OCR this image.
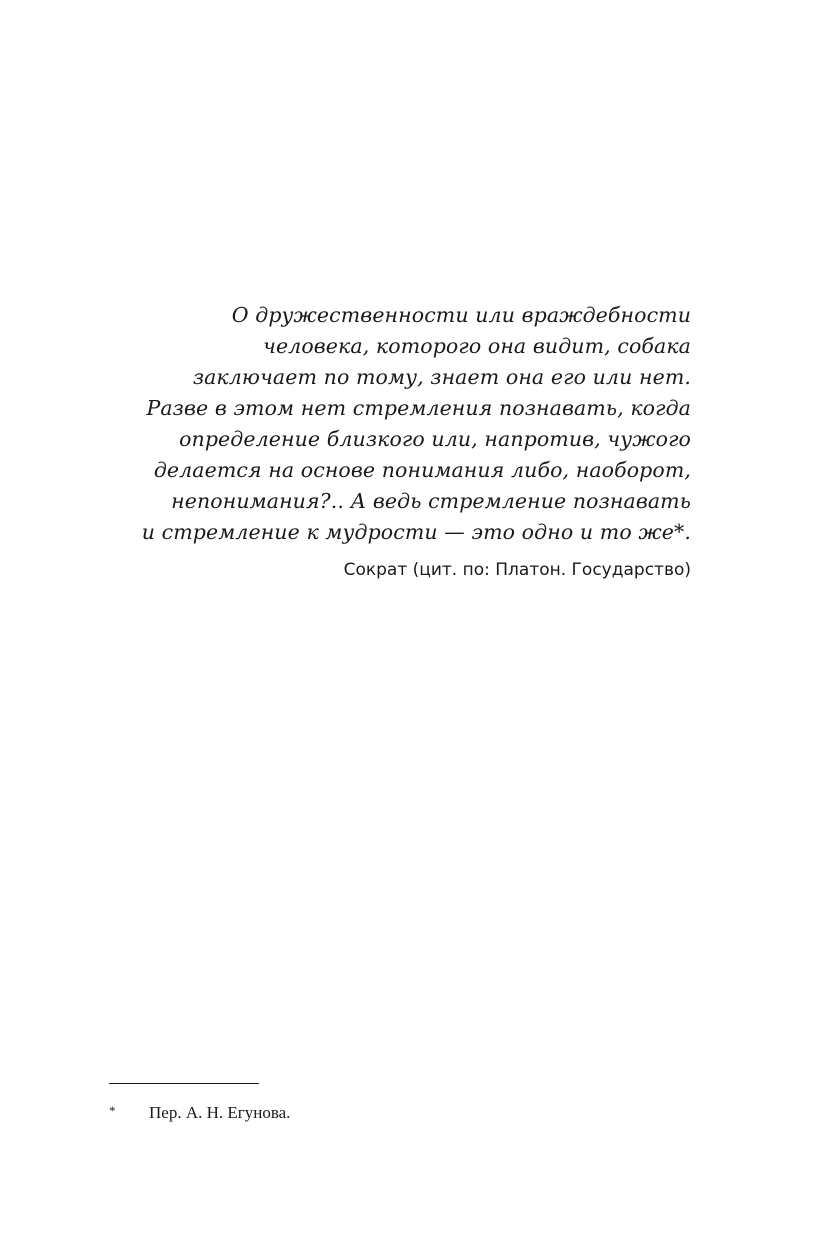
О дружественности или враждебности
человека, которого она видит, собака
заключает по тому, знает она его или нет.
Разве в этом нет стремления познавать, когда
определение близкого или, напротив, чужого
делается на основе понимания либо, наоборот,
непонимания?.. А ведь стремление познавать
и стремление к мудрости — это одно и то же*.
Сократ (цит. по: Платон. Государство)
* Пер. А. Н. Егунова.
